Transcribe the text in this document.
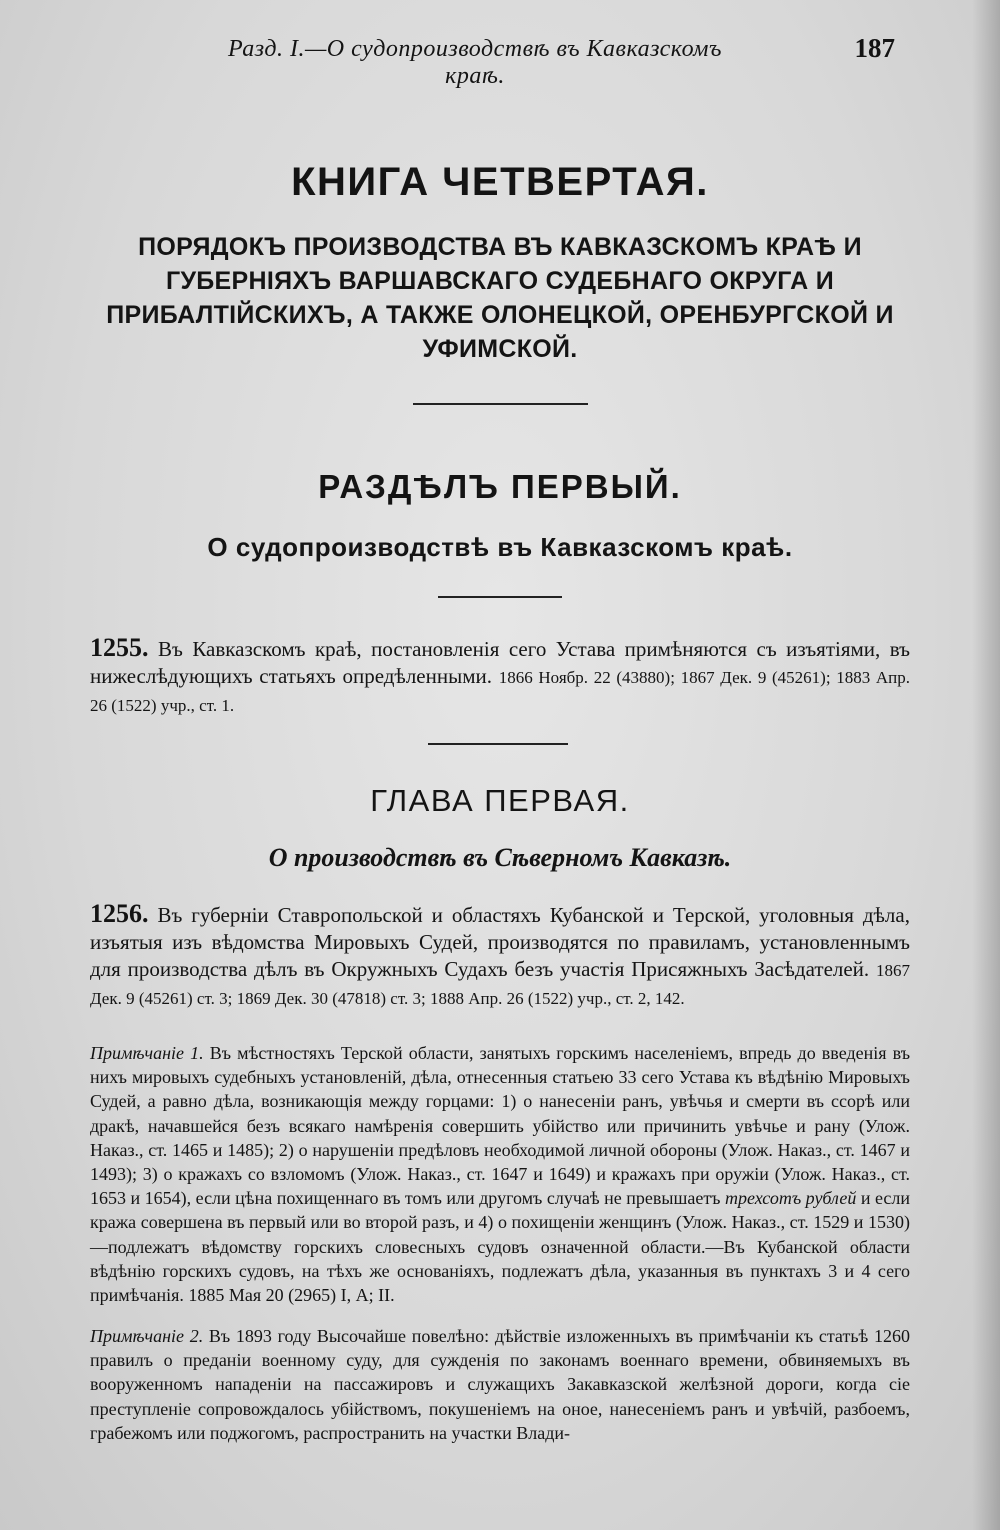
Разд. I.—О судопроизводствѣ въ Кавказскомъ краѣ.
187
КНИГА ЧЕТВЕРТАЯ.
ПОРЯДОКЪ ПРОИЗВОДСТВА ВЪ КАВКАЗСКОМЪ КРАѢ И ГУБЕРНІЯХЪ ВАРШАВСКАГО СУДЕБНАГО ОКРУГА И ПРИБАЛТІЙСКИХЪ, А ТАКЖЕ ОЛОНЕЦКОЙ, ОРЕНБУРГСКОЙ И УФИМСКОЙ.
РАЗДѢЛЪ ПЕРВЫЙ.
О судопроизводствѣ въ Кавказскомъ краѣ.
1255. Въ Кавказскомъ краѣ, постановленія сего Устава примѣняются съ изъятіями, въ нижеслѣдующихъ статьяхъ опредѣленными. 1866 Ноябр. 22 (43880); 1867 Дек. 9 (45261); 1883 Апр. 26 (1522) учр., ст. 1.
ГЛАВА ПЕРВАЯ.
О производствѣ въ Сѣверномъ Кавказѣ.
1256. Въ губерніи Ставропольской и областяхъ Кубанской и Терской, уголовныя дѣла, изъятыя изъ вѣдомства Мировыхъ Судей, производятся по правиламъ, установленнымъ для производства дѣлъ въ Окружныхъ Судахъ безъ участія Присяжныхъ Засѣдателей. 1867 Дек. 9 (45261) ст. 3; 1869 Дек. 30 (47818) ст. 3; 1888 Апр. 26 (1522) учр., ст. 2, 142.
Примѣчаніе 1. Въ мѣстностяхъ Терской области, занятыхъ горскимъ населеніемъ, впредь до введенія въ нихъ мировыхъ судебныхъ установленій, дѣла, отнесенныя статьею 33 сего Устава къ вѣдѣнію Мировыхъ Судей, а равно дѣла, возникающія между горцами: 1) о нанесеніи ранъ, увѣчья и смерти въ ссорѣ или дракѣ, начавшейся безъ всякаго намѣренія совершить убійство или причинить увѣчье и рану (Улож. Наказ., ст. 1465 и 1485); 2) о нарушеніи предѣловъ необходимой личной обороны (Улож. Наказ., ст. 1467 и 1493); 3) о кражахъ со взломомъ (Улож. Наказ., ст. 1647 и 1649) и кражахъ при оружіи (Улож. Наказ., ст. 1653 и 1654), если цѣна похищеннаго въ томъ или другомъ случаѣ не превышаетъ трехсотъ рублей и если кража совершена въ первый или во второй разъ, и 4) о похищеніи женщинъ (Улож. Наказ., ст. 1529 и 1530)—подлежатъ вѣдомству горскихъ словесныхъ судовъ означенной области.—Въ Кубанской области вѣдѣнію горскихъ судовъ, на тѣхъ же основаніяхъ, подлежатъ дѣла, указанныя въ пунктахъ 3 и 4 сего примѣчанія. 1885 Мая 20 (2965) I, А; II.
Примѣчаніе 2. Въ 1893 году Высочайше повелѣно: дѣйствіе изложенныхъ въ примѣчаніи къ статьѣ 1260 правилъ о преданіи военному суду, для сужденія по законамъ военнаго времени, обвиняемыхъ въ вооруженномъ нападеніи на пассажировъ и служащихъ Закавказской желѣзной дороги, когда сіе преступленіе сопровождалось убійствомъ, покушеніемъ на оное, нанесеніемъ ранъ и увѣчій, разбоемъ, грабежомъ или поджогомъ, распространить на участки Влади-
